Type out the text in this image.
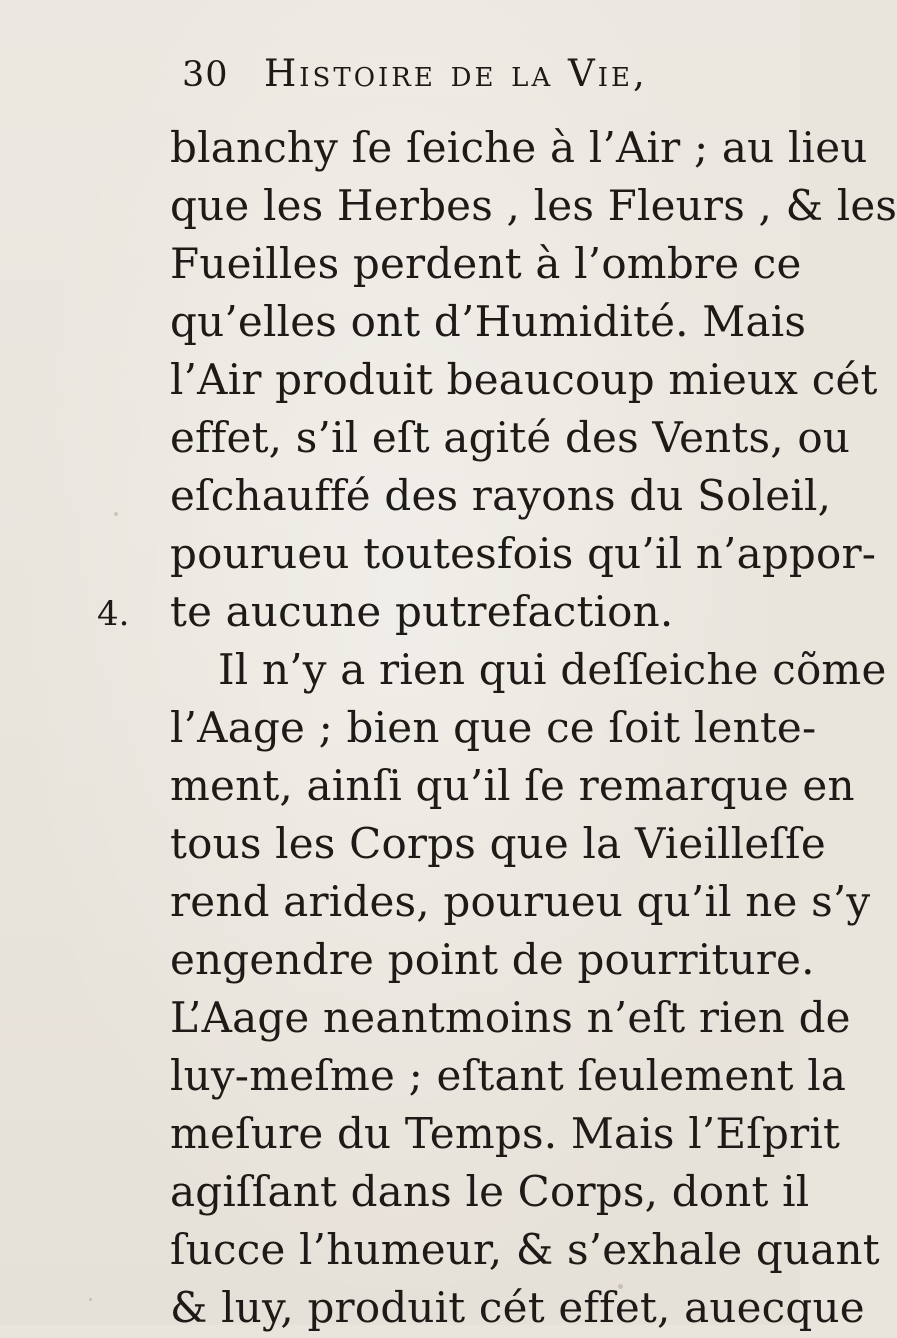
30 Histoire de la Vie,
4.
blanchy ſe ſeiche à l’Air ; au lieu
que les Herbes , les Fleurs , & les
Fueilles perdent à l’ombre ce
qu’elles ont d’Humidité. Mais
l’Air produit beaucoup mieux cét
effet, s’il eſt agité des Vents, ou
eſchauffé des rayons du Soleil,
pourueu toutesfois qu’il n’appor-
te aucune putrefaction.
Il n’y a rien qui deſſeiche cõme
l’Aage ; bien que ce ſoit lente-
ment, ainſi qu’il ſe remarque en
tous les Corps que la Vieilleſſe
rend arides, pourueu qu’il ne s’y
engendre point de pourriture.
L’Aage neantmoins n’eſt rien de
luy-meſme ; eſtant ſeulement la
meſure du Temps. Mais l’Eſprit
agiſſant dans le Corps, dont il
ſucce l’humeur, & s’exhale quant
& luy, produit cét effet, auecque
